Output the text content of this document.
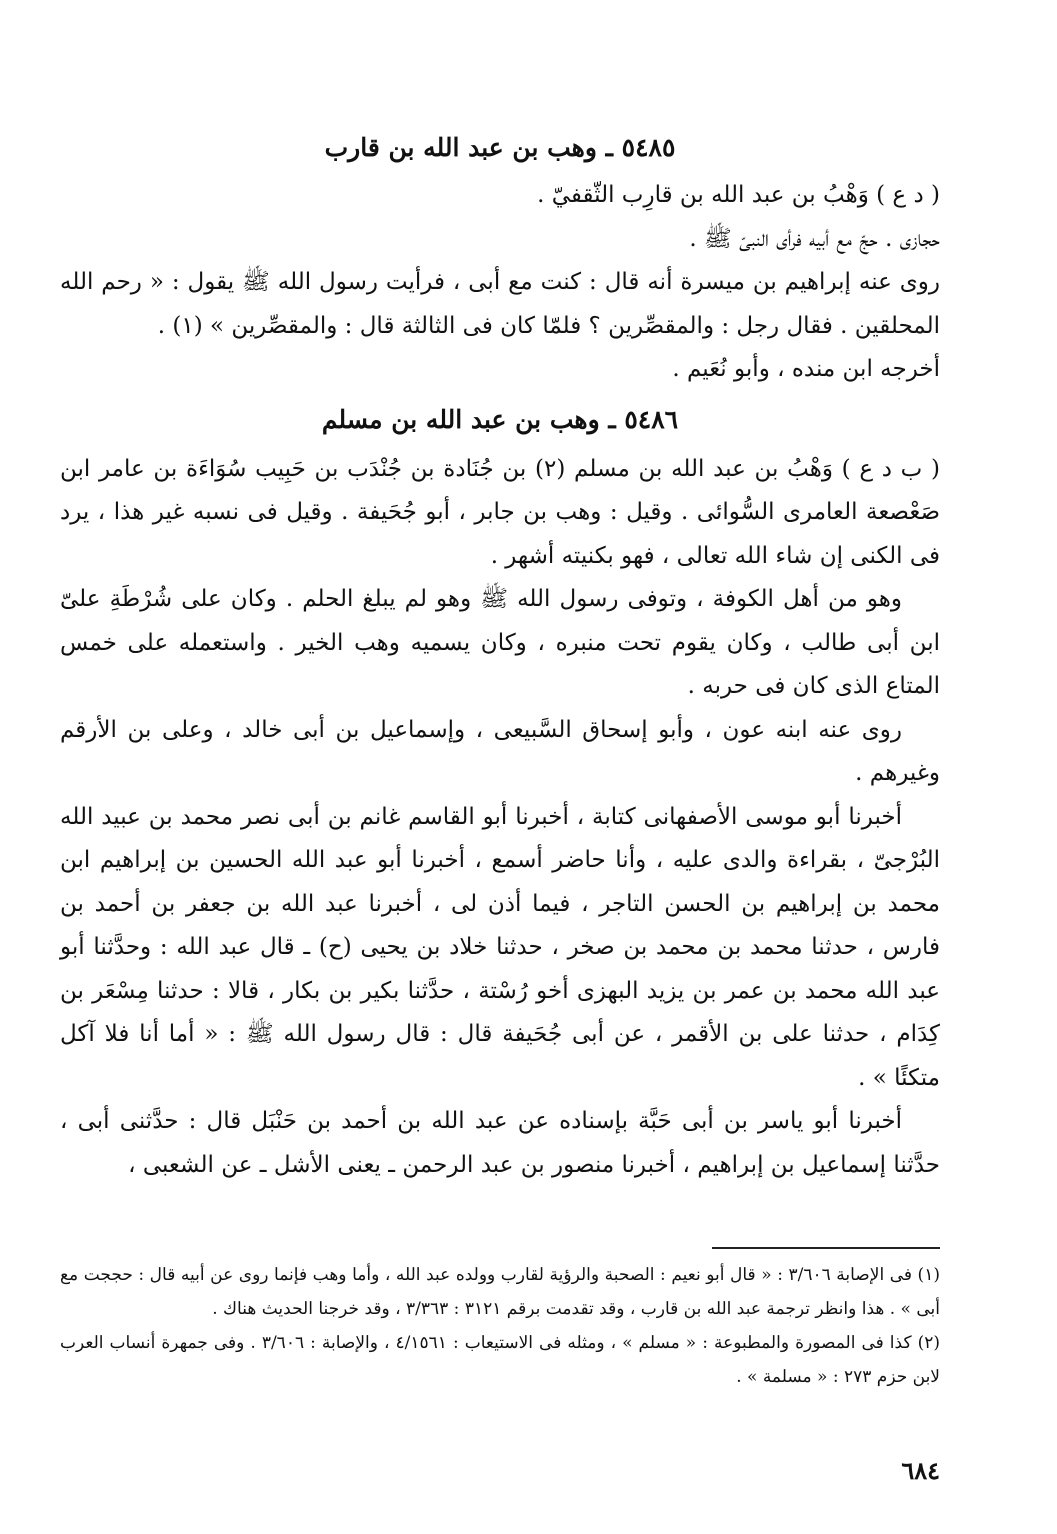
٥٤٨٥ ـ وهب بن عبد الله بن قارب

( د ع ) وَهْبُ بن عبد الله بن قارِب الثّقفيّ .

حجازى . حجّ مع أبيه فرأى النبىّ ﷺ .

روى عنه إبراهيم بن ميسرة أنه قال : كنت مع أبى ، فرأيت رسول الله ﷺ يقول : « رحم الله المحلقين . فقال رجل : والمقصِّرين ؟ فلمّا كان فى الثالثة قال : والمقصِّرين » (١) .

أخرجه ابن منده ، وأبو نُعَيم .

٥٤٨٦ ـ وهب بن عبد الله بن مسلم

( ب د ع ) وَهْبُ بن عبد الله بن مسلم (٢) بن جُنَادة بن جُنْدَب بن حَبِيب سُوَاءَة بن عامر ابن صَعْصعة العامرى السُّوائى . وقيل : وهب بن جابر ، أبو جُحَيفة . وقيل فى نسبه غير هذا ، يرد فى الكنى إن شاء الله تعالى ، فهو بكنيته أشهر .

وهو من أهل الكوفة ، وتوفى رسول الله ﷺ وهو لم يبلغ الحلم . وكان على شُرْطَةِ علىّ ابن أبى طالب ، وكان يقوم تحت منبره ، وكان يسميه وهب الخير . واستعمله على خمس المتاع الذى كان فى حربه .

روى عنه ابنه عون ، وأبو إسحاق السَّبيعى ، وإسماعيل بن أبى خالد ، وعلى بن الأرقم وغيرهم .

أخبرنا أبو موسى الأصفهانى كتابة ، أخبرنا أبو القاسم غانم بن أبى نصر محمد بن عبيد الله البُرْجىّ ، بقراءة والدى عليه ، وأنا حاضر أسمع ، أخبرنا أبو عبد الله الحسين بن إبراهيم ابن محمد بن إبراهيم بن الحسن التاجر ، فيما أذن لى ، أخبرنا عبد الله بن جعفر بن أحمد بن فارس ، حدثنا محمد بن محمد بن صخر ، حدثنا خلاد بن يحيى (ح) ـ قال عبد الله : وحدَّثنا أبو عبد الله محمد بن عمر بن يزيد البهزى أخو رُسْتة ، حدَّثنا بكير بن بكار ، قالا : حدثنا مِسْعَر بن كِدَام ، حدثنا على بن الأقمر ، عن أبى جُحَيفة قال : قال رسول الله ﷺ : « أما أنا فلا آكل متكئًا » .

أخبرنا أبو ياسر بن أبى حَبَّة بإسناده عن عبد الله بن أحمد بن حَنْبَل قال : حدَّثنى أبى ، حدَّثنا إسماعيل بن إبراهيم ، أخبرنا منصور بن عبد الرحمن ـ يعنى الأشل ـ عن الشعبى ،

(١) فى الإصابة ٣/٦٠٦ : « قال أبو نعيم : الصحبة والرؤية لقارب وولده عبد الله ، وأما وهب فإنما روى عن أبيه قال : حججت مع أبى » . هذا وانظر ترجمة عبد الله بن قارب ، وقد تقدمت برقم ٣١٢١ : ٣/٣٦٣ ، وقد خرجنا الحديث هناك .

(٢) كذا فى المصورة والمطبوعة : « مسلم » ، ومثله فى الاستيعاب : ٤/١٥٦١ ، والإصابة : ٣/٦٠٦ . وفى جمهرة أنساب العرب لابن حزم ٢٧٣ : « مسلمة » .

٦٨٤
